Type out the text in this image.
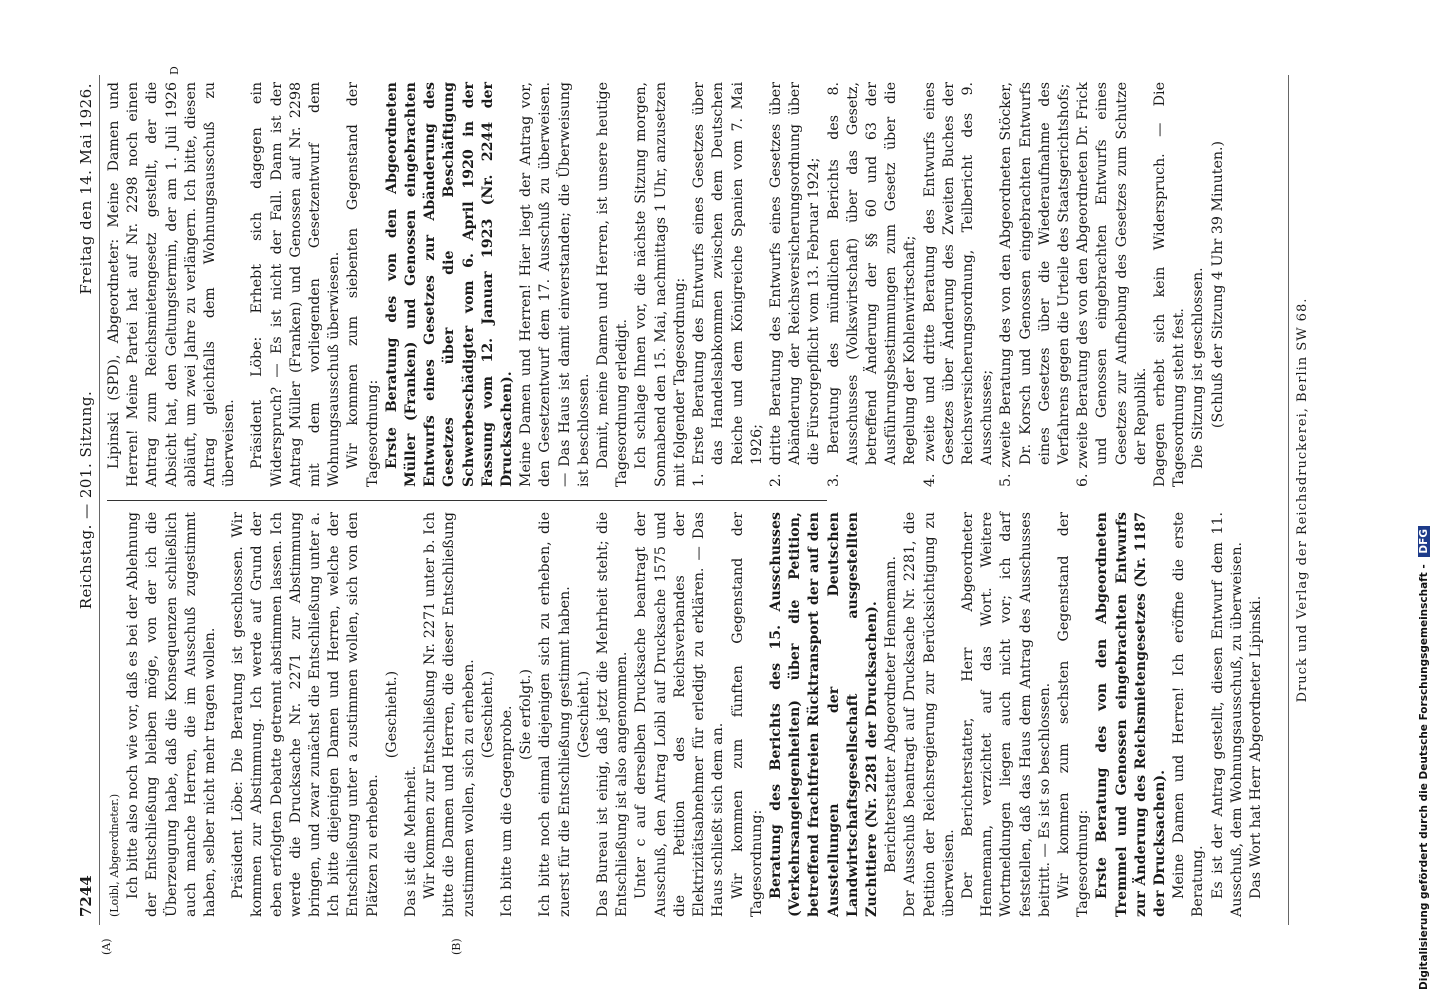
7244
Reichstag. — 201. Sitzung.
Freitag den 14. Mai 1926.
(A)	(B)
D

(Loibl, Abgeordneter.) Ich bitte also noch wie vor, daß es bei der Ablehnung der Entschließung bleiben möge, von der ich die Überzeugung habe, daß die Konsequenzen schließlich auch manche Herren, die im Ausschuß zugestimmt haben, selber nicht mehr tragen wollen. Präsident Löbe: Die Beratung ist geschlossen. Wir kommen zur Abstimmung. Ich werde auf Grund der eben erfolgten Debatte getrennt abstimmen lassen. Ich werde die Drucksache Nr. 2271 zur Abstimmung bringen, und zwar zunächst die Entschließung unter a. Ich bitte diejenigen Damen und Herren, welche der Entschließung unter a zustimmen wollen, sich von den Plätzen zu erheben.

(Geschieht.)

Das ist die Mehrheit. Wir kommen zur Entschließung Nr. 2271 unter b. Ich bitte die Damen und Herren, die dieser Entschließung zustimmen wollen, sich zu erheben. (Geschieht.) Ich bitte um die Gegenprobe. (Sie erfolgt.) Ich bitte noch einmal diejenigen sich zu erheben, die zuerst für die Entschließung gestimmt haben. (Geschieht.) Das Bureau ist einig, daß jetzt die Mehrheit steht; die Entschließung ist also angenommen. Unter c auf derselben Drucksache beantragt der Ausschuß, den Antrag Loibl auf Drucksache 1575 und die Petition des Reichsverbandes der Elektrizitätsabnehmer für erledigt zu erklären. — Das Haus schließt sich dem an. Wir kommen zum fünften Gegenstand der Tagesordnung: Beratung des Berichts des 15. Ausschusses (Verkehrsangelegenheiten) über die Petition, betreffend frachtfreien Rücktransport der auf den Ausstellungen der Deutschen Landwirtschaftsgesellschaft ausgestellten Zuchttiere (Nr. 2281 der Drucksachen). Berichterstatter Abgeordneter Hennemann. Der Ausschuß beantragt auf Drucksache Nr. 2281, die Petition der Reichsregierung zur Berücksichtigung zu überweisen. Der Berichterstatter, Herr Abgeordneter Hennemann, verzichtet auf das Wort. Weitere Wortmeldungen liegen auch nicht vor; ich darf feststellen, daß das Haus dem Antrag des Ausschusses beitritt. — Es ist so beschlossen. Wir kommen zum sechsten Gegenstand der Tagesordnung: Erste Beratung des von den Abgeordneten Tremmel und Genossen eingebrachten Entwurfs zur Änderung des Reichsmietengesetzes (Nr. 1187 der Drucksachen). Meine Damen und Herren! Ich eröffne die erste Beratung. Es ist der Antrag gestellt, diesen Entwurf dem 11. Ausschuß, dem Wohnungsausschuß, zu überweisen. Das Wort hat Herr Abgeordneter Lipinski.

Lipinski (SPD), Abgeordneter: Meine Damen und Herren! Meine Partei hat auf Nr. 2298 noch einen Antrag zum Reichsmietengesetz gestellt, der die Absicht hat, den Geltungstermin, der am 1. Juli 1926 abläuft, um zwei Jahre zu verlängern. Ich bitte, diesen Antrag gleichfalls dem Wohnungsausschuß zu überweisen. Präsident Löbe: Erhebt sich dagegen ein Widerspruch? — Es ist nicht der Fall. Dann ist der Antrag Müller (Franken) und Genossen auf Nr. 2298 mit dem vorliegenden Gesetzentwurf dem Wohnungsausschuß überwiesen. Wir kommen zum siebenten Gegenstand der Tagesordnung: Erste Beratung des von den Abgeordneten Müller (Franken) und Genossen eingebrachten Entwurfs eines Gesetzes zur Abänderung des Gesetzes über die Beschäftigung Schwerbeschädigter vom 6. April 1920 in der Fassung vom 12. Januar 1923 (Nr. 2244 der Drucksachen). Meine Damen und Herren! Hier liegt der Antrag vor, den Gesetzentwurf dem 17. Ausschuß zu überweisen. — Das Haus ist damit einverstanden; die Überweisung ist beschlossen. Damit, meine Damen und Herren, ist unsere heutige Tagesordnung erledigt. Ich schlage Ihnen vor, die nächste Sitzung morgen, Sonnabend den 15. Mai, nachmittags 1 Uhr, anzusetzen mit folgender Tagesordnung: 1. Erste Beratung des Entwurfs eines Gesetzes über das Handelsabkommen zwischen dem Deutschen Reiche und dem Königreiche Spanien vom 7. Mai 1926; 2. dritte Beratung des Entwurfs eines Gesetzes über Abänderung der Reichsversicherungsordnung über die Fürsorgepflicht vom 13. Februar 1924; 3. Beratung des mündlichen Berichts des 8. Ausschusses (Volkswirtschaft) über das Gesetz, betreffend Änderung der §§ 60 und 63 der Ausführungsbestimmungen zum Gesetz über die Regelung der Kohlenwirtschaft; 4. zweite und dritte Beratung des Entwurfs eines Gesetzes über Änderung des Zweiten Buches der Reichsversicherungsordnung, Teilbericht des 9. Ausschusses; 5. zweite Beratung des von den Abgeordneten Stöcker, Dr. Korsch und Genossen eingebrachten Entwurfs eines Gesetzes über die Wiederaufnahme des Verfahrens gegen die Urteile des Staatsgerichtshofs; 6. zweite Beratung des von den Abgeordneten Dr. Frick und Genossen eingebrachten Entwurfs eines Gesetzes zur Aufhebung des Gesetzes zum Schutze der Republik. Dagegen erhebt sich kein Widerspruch. — Die Tagesordnung steht fest. Die Sitzung ist geschlossen. (Schluß der Sitzung 4 Uhr 39 Minuten.)

Druck und Verlag der Reichsdruckerei, Berlin SW 68.
Digitalisierung gefördert durch die Deutsche Forschungsgemeinschaft - DFG
